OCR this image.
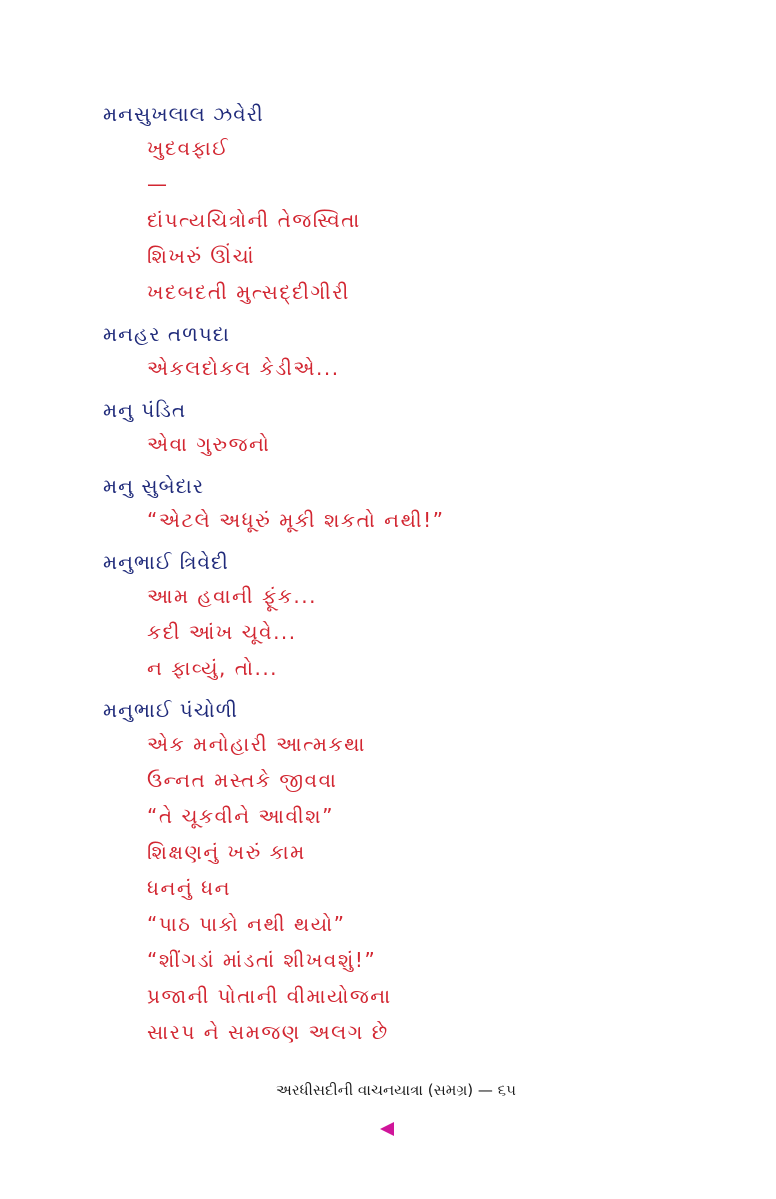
મનસુખલાલ ઝવેરી
ખુદવફાઈ
—
દાંપત્યચિત્રોની તેજસ્વિતા
શિખરું ઊંચાં
ખદબદતી મુત્સદ્દીગીરી
મનહર તળપદા
એકલદોકલ કેડીએ...
મનુ પંડિત
એવા ગુરુજનો
મનુ સુબેદાર
“એટલે અધૂરું મૂકી શકતો નથી!”
મનુભાઈ ત્રિવેદી
આમ હવાની ફૂંક...
કદી આંખ ચૂવે...
ન ફાવ્યું, તો...
મનુભાઈ પંચોળી
એક મનોહારી આત્મકથા
ઉન્નત મસ્તકે જીવવા
“તે ચૂકવીને આવીશ”
શિક્ષણનું ખરું કામ
ધનનું ધન
“પાઠ પાકો નથી થયો”
“શીંગડાં માંડતાં શીખવશું!”
પ્રજાની પોતાની વીમાયોજના
સારપ ને સમજણ અલગ છે
અરધીસદીની વાચનયાત્રા (સમગ્ર) — ૬૫
